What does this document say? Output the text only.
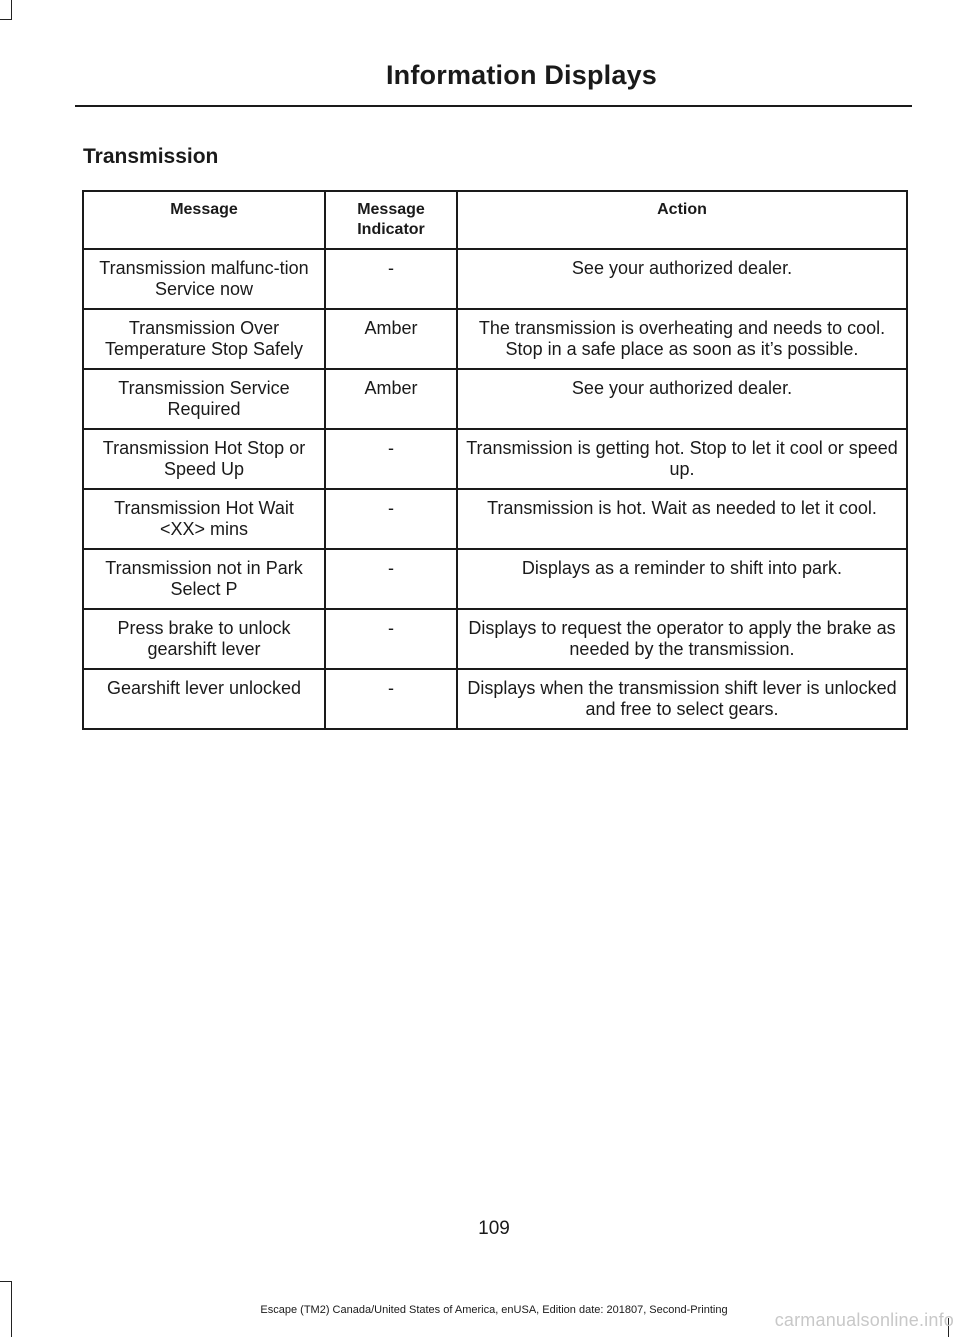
Information Displays
Transmission
Message	Message Indicator	Action
Transmission malfunc-tion Service now	-	See your authorized dealer.
Transmission Over Temperature Stop Safely	Amber	The transmission is overheating and needs to cool. Stop in a safe place as soon as it’s possible.
Transmission Service Required	Amber	See your authorized dealer.
Transmission Hot Stop or Speed Up	-	Transmission is getting hot. Stop to let it cool or speed up.
Transmission Hot Wait <XX> mins	-	Transmission is hot. Wait as needed to let it cool.
Transmission not in Park Select P	-	Displays as a reminder to shift into park.
Press brake to unlock gearshift lever	-	Displays to request the operator to apply the brake as needed by the transmission.
Gearshift lever unlocked	-	Displays when the transmission shift lever is unlocked and free to select gears.
109
Escape (TM2) Canada/United States of America, enUSA, Edition date: 201807, Second-Printing	carmanualsonline.info
